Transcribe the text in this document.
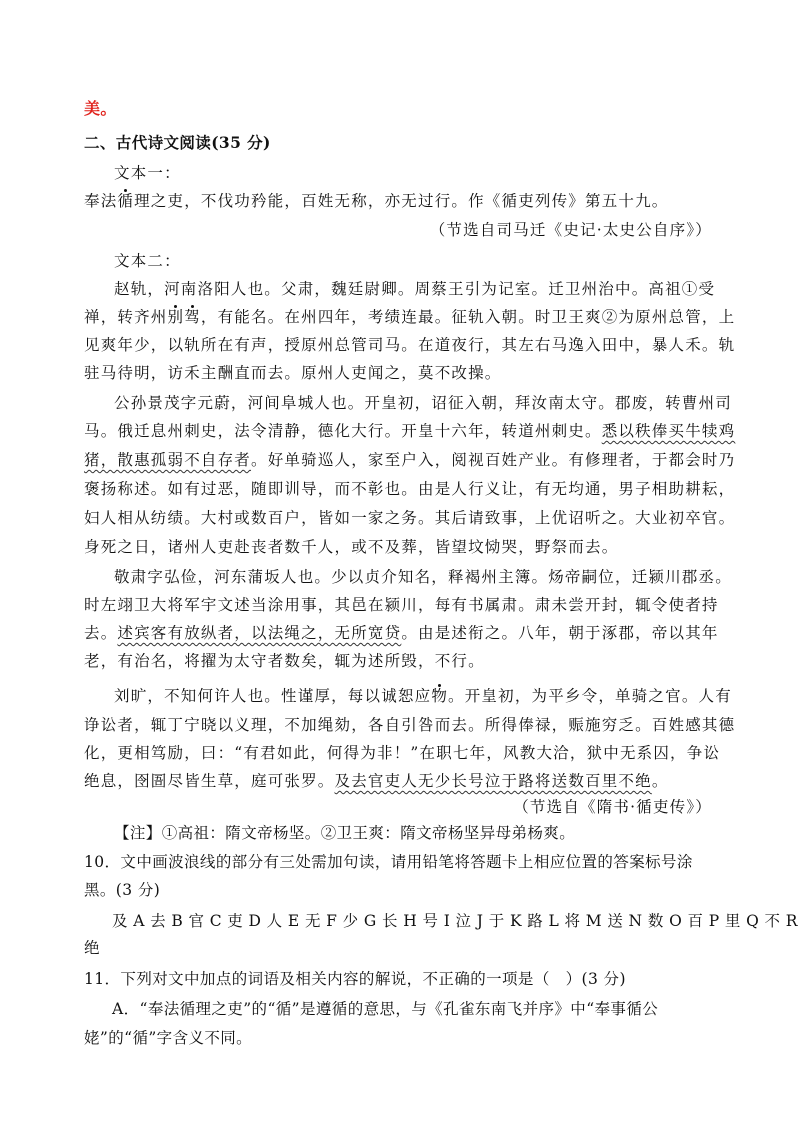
美。
二、古代诗文阅读(35 分)
文本一：
奉法循理之吏，不伐功矜能，百姓无称，亦无过行。作《循吏列传》第五十九。
（节选自司马迁《史记·太史公自序》）
文本二：
赵轨，河南洛阳人也。父肃，魏廷尉卿。周蔡王引为记室。迁卫州治中。高祖①受
禅，转齐州别驾，有能名。在州四年，考绩连最。征轨入朝。时卫王爽②为原州总管，上
见爽年少，以轨所在有声，授原州总管司马。在道夜行，其左右马逸入田中，暴人禾。轨
驻马待明，访禾主酬直而去。原州人吏闻之，莫不改操。
公孙景茂字元蔚，河间阜城人也。开皇初，诏征入朝，拜汝南太守。郡废，转曹州司
马。俄迁息州刺史，法令清静，德化大行。开皇十六年，转道州刺史。悉以秩俸买牛犊鸡
猪，散惠孤弱不自存者。好单骑巡人，家至户入，阅视百姓产业。有修理者，于都会时乃
褒扬称述。如有过恶，随即训导，而不彰也。由是人行义让，有无均通，男子相助耕耘，
妇人相从纺绩。大村或数百户，皆如一家之务。其后请致事，上优诏听之。大业初卒官。
身死之日，诸州人吏赴丧者数千人，或不及葬，皆望坟恸哭，野祭而去。
敬肃字弘俭，河东蒲坂人也。少以贞介知名，释褐州主簿。炀帝嗣位，迁颍川郡丞。
时左翊卫大将军宇文述当涂用事，其邑在颍川，每有书属肃。肃未尝开封，辄令使者持
去。述宾客有放纵者，以法绳之，无所宽贷。由是述衔之。八年，朝于涿郡，帝以其年
老，有治名，将擢为太守者数矣，辄为述所毁，不行。
刘旷，不知何许人也。性谨厚，每以诚恕应物。开皇初，为平乡令，单骑之官。人有
诤讼者，辄丁宁晓以义理，不加绳劾，各自引咎而去。所得俸禄，赈施穷乏。百姓感其德
化，更相笃励，曰：“有君如此，何得为非！”在职七年，风教大洽，狱中无系囚，争讼
绝息，囹圄尽皆生草，庭可张罗。及去官吏人无少长号泣于路将送数百里不绝。
（节选自《隋书·循吏传》）
【注】①高祖：隋文帝杨坚。②卫王爽：隋文帝杨坚异母弟杨爽。
10．文中画波浪线的部分有三处需加句读，请用铅笔将答题卡上相应位置的答案标号涂
黑。(3 分)
及 A 去 B 官 C 吏 D 人 E 无 F 少 G 长 H 号 I 泣 J 于 K 路 L 将 M 送 N 数 O 百 P 里 Q 不 R
绝
11．下列对文中加点的词语及相关内容的解说，不正确的一项是（　）(3 分)
A．“奉法循理之吏”的“循”是遵循的意思，与《孔雀东南飞并序》中“奉事循公
姥”的“循”字含义不同。
